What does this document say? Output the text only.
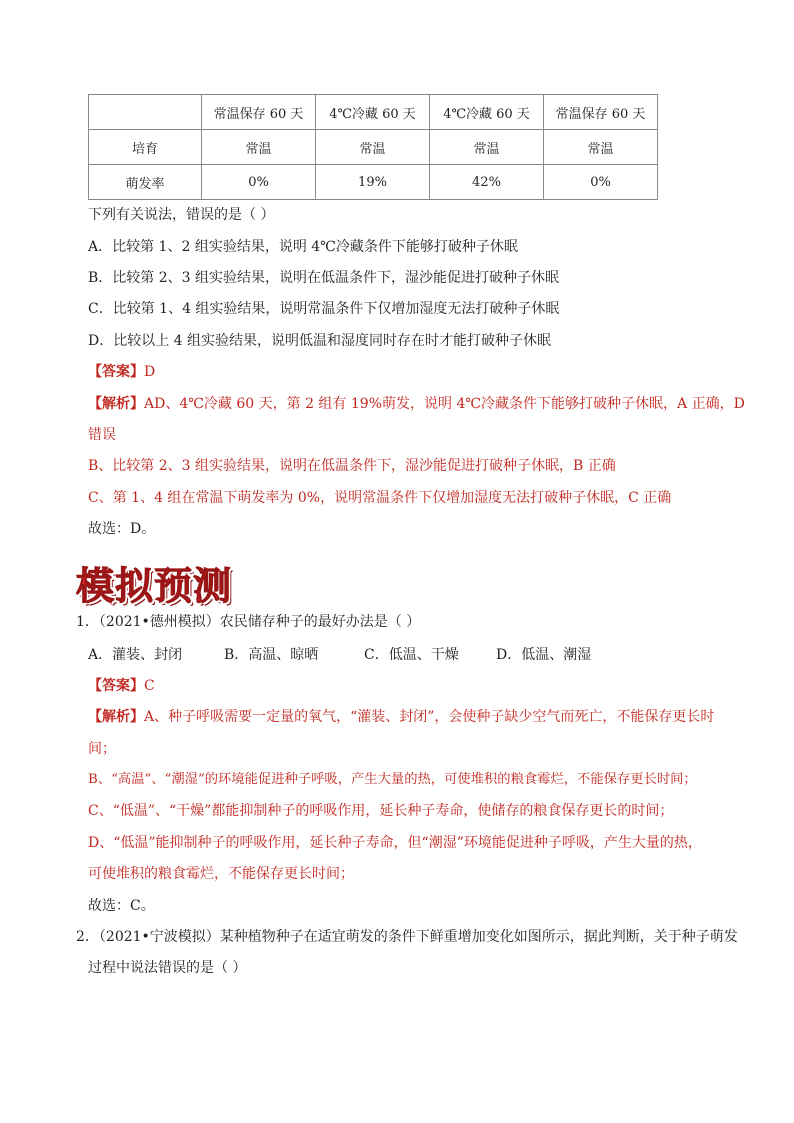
	常温保存 60 天	4℃冷藏 60 天	4℃冷藏 60 天	常温保存 60 天
培育	常温	常温	常温	常温
萌发率	0%	19%	42%	0%
下列有关说法，错误的是（ ）
A．比较第 1、2 组实验结果，说明 4℃冷藏条件下能够打破种子休眠
B．比较第 2、3 组实验结果，说明在低温条件下，湿沙能促进打破种子休眠
C．比较第 1、4 组实验结果，说明常温条件下仅增加湿度无法打破种子休眠
D．比较以上 4 组实验结果，说明低温和湿度同时存在时才能打破种子休眠
【答案】D
【解析】AD、4℃冷藏 60 天，第 2 组有 19%萌发，说明 4℃冷藏条件下能够打破种子休眠，A 正确，D
错误
B、比较第 2、3 组实验结果，说明在低温条件下，湿沙能促进打破种子休眠，B 正确
C、第 1、4 组在常温下萌发率为 0%，说明常温条件下仅增加湿度无法打破种子休眠，C 正确
故选：D。
模拟预测
1．（2021•德州模拟）农民储存种子的最好办法是（ ）
A．灌装、封闭	B．高温、晾晒	C．低温、干燥	D．低温、潮湿
【答案】C
【解析】A、种子呼吸需要一定量的氧气，“灌装、封闭”，会使种子缺少空气而死亡，不能保存更长时
间；
B、“高温”、“潮湿”的环境能促进种子呼吸，产生大量的热，可使堆积的粮食霉烂，不能保存更长时间；
C、“低温”、“干燥”都能抑制种子的呼吸作用，延长种子寿命，使储存的粮食保存更长的时间；
D、“低温”能抑制种子的呼吸作用，延长种子寿命，但“潮湿”环境能促进种子呼吸，产生大量的热，
可使堆积的粮食霉烂，不能保存更长时间；
故选：C。
2．（2021•宁波模拟）某种植物种子在适宜萌发的条件下鲜重增加变化如图所示，据此判断，关于种子萌发
过程中说法错误的是（ ）
